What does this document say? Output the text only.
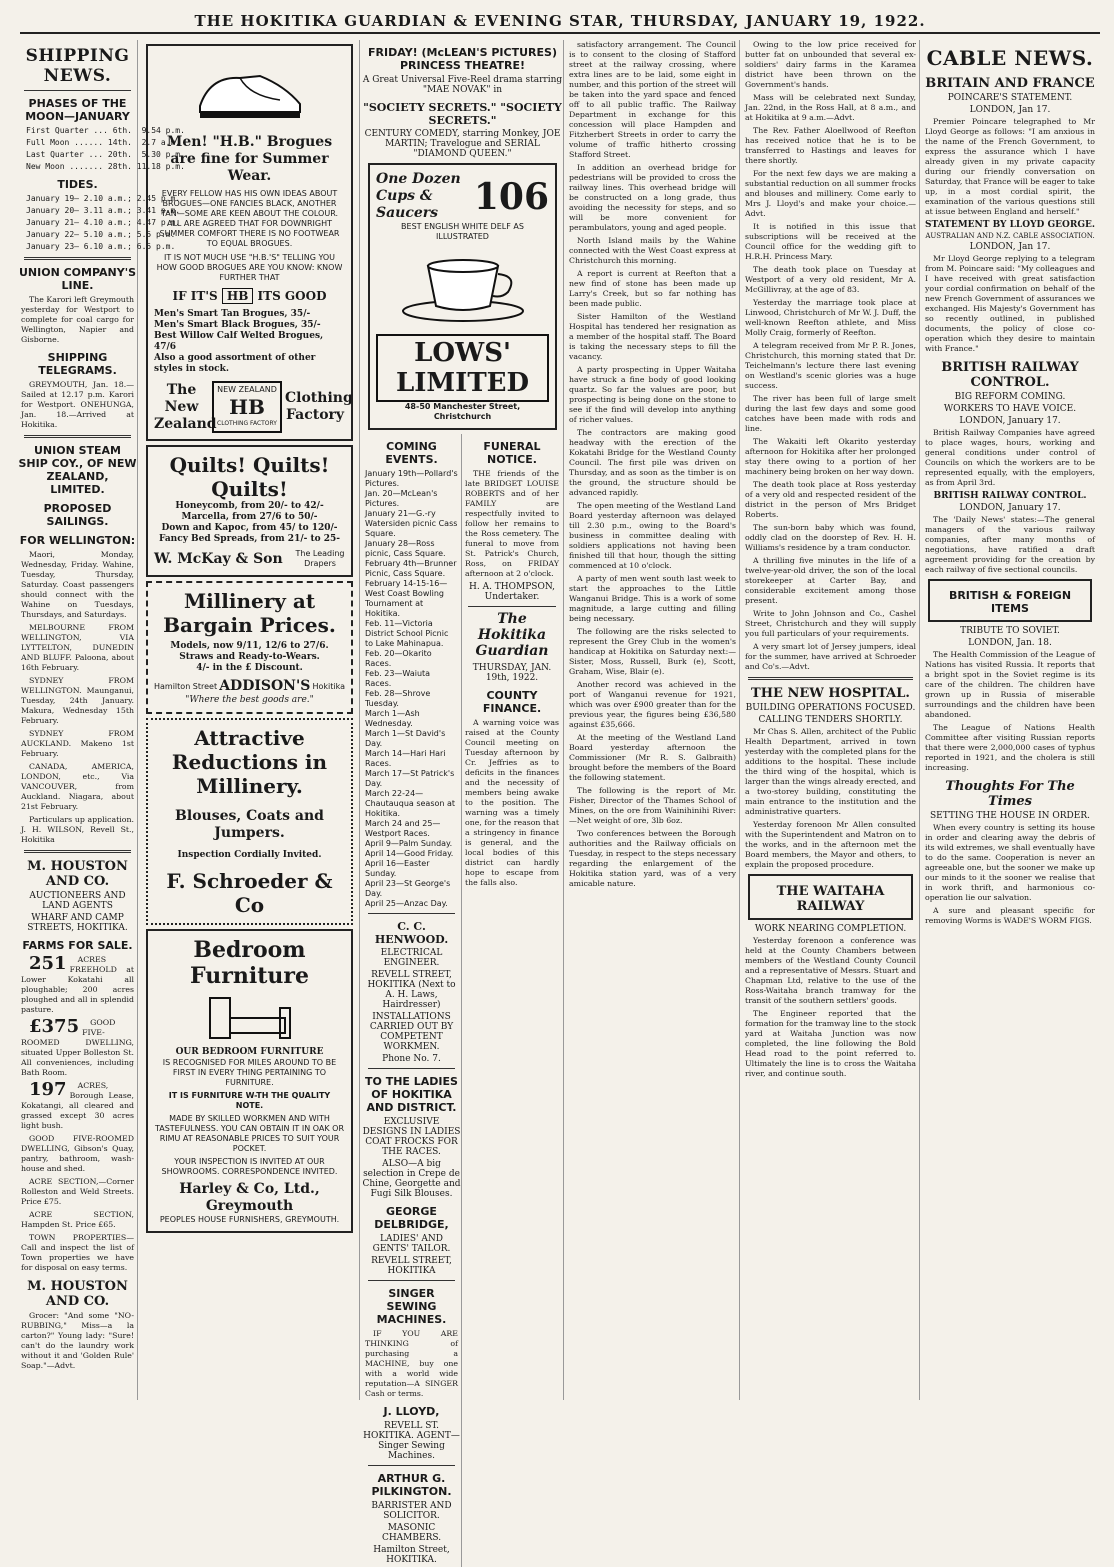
THE HOKITIKA GUARDIAN & EVENING STAR, THURSDAY, JANUARY 19, 1922.
SHIPPING NEWS.
PHASES OF THE MOON—JANUARY
First Quarter ... 6th.  9.54 p.m.
Full Moon ...... 14th.  2.7 a.m.
Last Quarter ... 20th.  5.30 p.m.
New Moon ....... 28th. 11.18 p.m.
TIDES.
January 19— 2.10 a.m.; 2.45 p.m.
January 20— 3.11 a.m.; 3.41 p.m.
January 21— 4.10 a.m.; 4.47 p.m.
January 22— 5.10 a.m.; 5.5 p.m.
January 23— 6.10 a.m.; 6.5 p.m.
UNION COMPANY'S LINE.
The Karori left Greymouth yesterday for Westport to complete for coal cargo for Wellington, Napier and Gisborne.
SHIPPING TELEGRAMS.
GREYMOUTH, Jan. 18.—Sailed at 12.17 p.m. Karori for Westport. ONEHUNGA, Jan. 18.—Arrived at Hokitika.
UNION STEAM SHIP COY., OF NEW ZEALAND, LIMITED.
PROPOSED SAILINGS.
FOR WELLINGTON:
Maori, Monday, Wednesday, Friday. Wahine, Tuesday, Thursday, Saturday. Coast passengers should connect with the Wahine on Tuesdays, Thursdays, and Saturdays.
MELBOURNE FROM WELLINGTON, VIA LYTTELTON, DUNEDIN AND BLUFF. Paloona, about 16th February.
SYDNEY FROM WELLINGTON. Maunganui, Tuesday, 24th January. Makura, Wednesday 15th February.
SYDNEY FROM AUCKLAND. Makeno 1st February.
CANADA, AMERICA, LONDON, etc., Via VANCOUVER, from Auckland. Niagara, about 21st February.
Particulars up application. J. H. WILSON, Revell St., Hokitika
M. HOUSTON AND CO.
AUCTIONEERS AND LAND AGENTS
WHARF AND CAMP STREETS, HOKITIKA.
FARMS FOR SALE.
251 ACRES FREEHOLD at Lower Kokatahi all ploughable; 200 acres ploughed and all in splendid pasture.
£375 GOOD FIVE-ROOMED DWELLING, situated Upper Bolleston St. All conveniences, including Bath Room.
197 ACRES, Borough Lease, Kokatangi, all cleared and grassed except 30 acres light bush.
GOOD FIVE-ROOMED DWELLING, Gibson's Quay, pantry, bathroom, wash-house and shed.
ACRE SECTION,—Corner Rolleston and Weld Streets. Price £75.
ACRE SECTION, Hampden St. Price £65.
TOWN PROPERTIES—Call and inspect the list of Town properties we have for disposal on easy terms.
M. HOUSTON AND CO.
Grocer: "And some "NO-RUBBING," Miss—a la carton?" Young lady: "Sure! can't do the laundry work without it and 'Golden Rule' Soap."—Advt.
Men! "H.B." Brogues are fine for Summer Wear.
EVERY FELLOW HAS HIS OWN IDEAS ABOUT BROGUES—ONE FANCIES BLACK, ANOTHER TAN—SOME ARE KEEN ABOUT THE COLOUR. ALL ARE AGREED THAT FOR DOWNRIGHT SUMMER COMFORT THERE IS NO FOOTWEAR TO EQUAL BROGUES.
IT IS NOT MUCH USE "H.B.'S" TELLING YOU HOW GOOD BROGUES ARE YOU KNOW: KNOW FURTHER THAT
IF IT'S HB ITS GOOD
Men's Smart Tan Brogues, 35/-
Men's Smart Black Brogues, 35/-
Best Willow Calf Welted Brogues, 47/6
Also a good assortment of other styles in stock.
The New Zealand
NEW ZEALAND
HB
CLOTHING FACTORY
Clothing Factory
Quilts! Quilts! Quilts!
Honeycomb, from 20/- to 42/-
Marcella, from 27/6 to 50/-
Down and Kapoc, from 45/ to 120/-
Fancy Bed Spreads, from 21/- to 25-
W. McKay & Son The Leading Drapers
Millinery at Bargain Prices.
Models, now 9/11, 12/6 to 27/6.
Straws and Ready-to-Wears.
4/- in the £ Discount.
Hamilton Street ADDISON'S Hokitika
"Where the best goods are."
Attractive Reductions in Millinery.
Blouses, Coats and Jumpers.
Inspection Cordially Invited.
F. Schroeder & Co
Bedroom Furniture
OUR BEDROOM FURNITURE
IS RECOGNISED FOR MILES AROUND TO BE FIRST IN EVERY THING PERTAINING TO FURNITURE.
IT IS FURNITURE W-TH THE QUALITY NOTE.
MADE BY SKILLED WORKMEN AND WITH TASTEFULNESS. YOU CAN OBTAIN IT IN OAK OR RIMU AT REASONABLE PRICES TO SUIT YOUR POCKET.
YOUR INSPECTION IS INVITED AT OUR SHOWROOMS. CORRESPONDENCE INVITED.
Harley & Co, Ltd., Greymouth
PEOPLES HOUSE FURNISHERS, GREYMOUTH.
FRIDAY! (McLEAN'S PICTURES) PRINCESS THEATRE!
A Great Universal Five-Reel drama starring "MAE NOVAK" in
"SOCIETY SECRETS." "SOCIETY SECRETS."
CENTURY COMEDY, starring Monkey, JOE MARTIN; Travelogue and SERIAL "DIAMOND QUEEN."
One Dozen Cups & Saucers 106
BEST ENGLISH WHITE DELF AS ILLUSTRATED
LOWS' LIMITED
48-50 Manchester Street, Christchurch
COMING EVENTS.
January 19th—Pollard's Pictures.
Jan. 20—McLean's Pictures.
January 21—G.-ry Watersiden picnic Cass Square.
January 28—Ross picnic, Cass Square.
February 4th—Brunner Picnic, Cass Square.
February 14-15-16—West Coast Bowling Tournament at Hokitika.
Feb. 11—Victoria District School Picnic to Lake Mahinapua.
Feb. 20—Okarito Races.
Feb. 23—Waiuta Races.
Feb. 28—Shrove Tuesday.
March 1—Ash Wednesday.
March 1—St David's Day.
March 14—Hari Hari Races.
March 17—St Patrick's Day.
March 22-24—Chautauqua season at Hokitika.
March 24 and 25—Westport Races.
April 9—Palm Sunday.
April 14—Good Friday.
April 16—Easter Sunday.
April 23—St George's Day.
April 25—Anzac Day.
C. C. HENWOOD.
ELECTRICAL ENGINEER.
REVELL STREET, HOKITIKA (Next to A. H. Laws, Hairdresser)
INSTALLATIONS CARRIED OUT BY COMPETENT WORKMEN.
Phone No. 7.
TO THE LADIES OF HOKITIKA AND DISTRICT.
EXCLUSIVE DESIGNS IN LADIES COAT FROCKS FOR THE RACES.
ALSO—A big selection in Crepe de Chine, Georgette and Fugi Silk Blouses.
GEORGE DELBRIDGE,
LADIES' AND GENTS' TAILOR.
REVELL STREET, HOKITIKA
SINGER SEWING MACHINES.
IF YOU ARE THINKING of purchasing a MACHINE, buy one with a world wide reputation—A SINGER Cash or terms.
J. LLOYD,
REVELL ST. HOKITIKA. AGENT—Singer Sewing Machines.
ARTHUR G. PILKINGTON.
BARRISTER AND SOLICITOR.
MASONIC CHAMBERS.
Hamilton Street, HOKITIKA.
FUNERAL NOTICE.
THE friends of the late BRIDGET LOUISE ROBERTS and of her FAMILY are respectfully invited to follow her remains to the Ross cemetery. The funeral to move from St. Patrick's Church, Ross, on FRIDAY afternoon at 2 o'clock.
H. A. THOMPSON, Undertaker.
The Hokitika Guardian
THURSDAY, JAN. 19th, 1922.
COUNTY FINANCE.
A warning voice was raised at the County Council meeting on Tuesday afternoon by Cr. Jeffries as to deficits in the finances and the necessity of members being awake to the position. The warning was a timely one, for the reason that a stringency in finance is general, and the local bodies of this district can hardly hope to escape from the falls also.
satisfactory arrangement. The Council is to consent to the closing of Stafford street at the railway crossing, where extra lines are to be laid, some eight in number, and this portion of the street will be taken into the yard space and fenced off to all public traffic. The Railway Department in exchange for this concession will place Hampden and Fitzherbert Streets in order to carry the volume of traffic hitherto crossing Stafford Street.
In addition an overhead bridge for pedestrians will be provided to cross the railway lines. This overhead bridge will be constructed on a long grade, thus avoiding the necessity for steps, and so will be more convenient for perambulators, young and aged people.
North Island mails by the Wahine connected with the West Coast express at Christchurch this morning.
A report is current at Reefton that a new find of stone has been made up Larry's Creek, but so far nothing has been made public.
Sister Hamilton of the Westland Hospital has tendered her resignation as a member of the hospital staff. The Board is taking the necessary steps to fill the vacancy.
A party prospecting in Upper Waitaha have struck a fine body of good looking quartz. So far the values are poor, but prospecting is being done on the stone to see if the find will develop into anything of richer values.
The contractors are making good headway with the erection of the Kokatahi Bridge for the Westland County Council. The first pile was driven on Thursday, and as soon as the timber is on the ground, the structure should be advanced rapidly.
The open meeting of the Westland Land Board yesterday afternoon was delayed till 2.30 p.m., owing to the Board's business in committee dealing with soldiers applications not having been finished till that hour, though the sitting commenced at 10 o'clock.
A party of men went south last week to start the approaches to the Little Wanganui Bridge. This is a work of some magnitude, a large cutting and filling being necessary.
The following are the risks selected to represent the Grey Club in the women's handicap at Hokitika on Saturday next:—Sister, Moss, Russell, Burk (e), Scott, Graham, Wise, Blair (e).
Another record was achieved in the port of Wanganui revenue for 1921, which was over £900 greater than for the previous year, the figures being £36,580 against £35,666.
At the meeting of the Westland Land Board yesterday afternoon the Commissioner (Mr R. S. Galbraith) brought before the members of the Board the following statement.
The following is the report of Mr. Fisher, Director of the Thames School of Mines, on the ore from Wainihinihi River:—Net weight of ore, 3lb 6oz.
Two conferences between the Borough authorities and the Railway officials on Tuesday, in respect to the steps necessary regarding the enlargement of the Hokitika station yard, was of a very amicable nature.
Owing to the low price received for butter fat on unbounded that several ex-soldiers' dairy farms in the Karamea district have been thrown on the Government's hands.
Mass will be celebrated next Sunday, Jan. 22nd, in the Ross Hall, at 8 a.m., and at Hokitika at 9 a.m.—Advt.
The Rev. Father Aloellwood of Reefton has received notice that he is to be transferred to Hastings and leaves for there shortly.
For the next few days we are making a substantial reduction on all summer frocks and blouses and millinery. Come early to Mrs J. Lloyd's and make your choice.—Advt.
It is notified in this issue that subscriptions will be received at the Council office for the wedding gift to H.R.H. Princess Mary.
The death took place on Tuesday at Westport of a very old resident, Mr A. McGillivray, at the age of 83.
Yesterday the marriage took place at Linwood, Christchurch of Mr W. J. Duff, the well-known Reefton athlete, and Miss Molly Craig, formerly of Reefton.
A telegram received from Mr P. R. Jones, Christchurch, this morning stated that Dr. Teichelmann's lecture there last evening on Westland's scenic glories was a huge success.
The river has been full of large smelt during the last few days and some good catches have been made with rods and line.
The Wakaiti left Okarito yesterday afternoon for Hokitika after her prolonged stay there owing to a portion of her machinery being broken on her way down.
The death took place at Ross yesterday of a very old and respected resident of the district in the person of Mrs Bridget Roberts.
The sun-born baby which was found, oddly clad on the doorstep of Rev. H. H. Williams's residence by a tram conductor.
A thrilling five minutes in the life of a twelve-year-old driver, the son of the local storekeeper at Carter Bay, and considerable excitement among those present.
Write to John Johnson and Co., Cashel Street, Christchurch and they will supply you full particulars of your requirements.
A very smart lot of Jersey jumpers, ideal for the summer, have arrived at Schroeder and Co's.—Advt.
THE NEW HOSPITAL.
BUILDING OPERATIONS FOCUSED.
CALLING TENDERS SHORTLY.
Mr Chas S. Allen, architect of the Public Health Department, arrived in town yesterday with the completed plans for the additions to the hospital. These include the third wing of the hospital, which is larger than the wings already erected, and a two-storey building, constituting the main entrance to the institution and the administrative quarters.
Yesterday forenoon Mr Allen consulted with the Superintendent and Matron on to the works, and in the afternoon met the Board members, the Mayor and others, to explain the proposed procedure.
THE WAITAHA RAILWAY
WORK NEARING COMPLETION.
Yesterday forenoon a conference was held at the County Chambers between members of the Westland County Council and a representative of Messrs. Stuart and Chapman Ltd, relative to the use of the Ross-Waitaha branch tramway for the transit of the southern settlers' goods.
The Engineer reported that the formation for the tramway line to the stock yard at Waitaha Junction was now completed, the line following the Bold Head road to the point referred to. Ultimately the line is to cross the Waitaha river, and continue south.
CABLE NEWS.
BRITAIN AND FRANCE
POINCARE'S STATEMENT.
LONDON, Jan 17.
Premier Poincare telegraphed to Mr Lloyd George as follows: "I am anxious in the name of the French Government, to express the assurance which I have already given in my private capacity during our friendly conversation on Saturday, that France will be eager to take up, in a most cordial spirit, the examination of the various questions still at issue between England and herself."
STATEMENT BY LLOYD GEORGE.
AUSTRALIAN AND N.Z. CABLE ASSOCIATION.
LONDON, Jan 17.
Mr Lloyd George replying to a telegram from M. Poincare said: "My colleagues and I have received with great satisfaction your cordial confirmation on behalf of the new French Government of assurances we exchanged. His Majesty's Government has so recently outlined, in published documents, the policy of close co-operation which they desire to maintain with France."
BRITISH RAILWAY CONTROL.
BIG REFORM COMING.
WORKERS TO HAVE VOICE.
LONDON, January 17.
British Railway Companies have agreed to place wages, hours, working and general conditions under control of Councils on which the workers are to be represented equally, with the employers, as from April 3rd.
BRITISH RAILWAY CONTROL.
LONDON, January 17.
The 'Daily News' states:—The general managers of the various railway companies, after many months of negotiations, have ratified a draft agreement providing for the creation by each railway of five sectional councils.
BRITISH & FOREIGN ITEMS
TRIBUTE TO SOVIET.
LONDON, Jan. 18.
The Health Commission of the League of Nations has visited Russia. It reports that a bright spot in the Soviet regime is its care of the children. The children have grown up in Russia of miserable surroundings and the children have been abandoned.
The League of Nations Health Committee after visiting Russian reports that there were 2,000,000 cases of typhus reported in 1921, and the cholera is still increasing.
Thoughts For The Times
SETTING THE HOUSE IN ORDER.
When every country is setting its house in order and clearing away the debris of its wild extremes, we shall eventually have to do the same. Cooperation is never an agreeable one, but the sooner we make up our minds to it the sooner we realise that in work thrift, and harmonious co-operation lie our salvation.
A sure and pleasant specific for removing Worms is WADE'S WORM FIGS.
